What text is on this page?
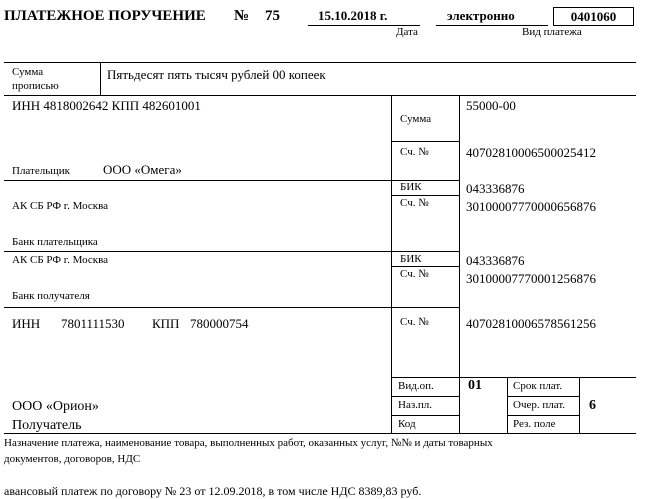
ПЛАТЕЖНОЕ ПОРУЧЕНИЕ № 75	15.10.2018 г.
Дата
электронно
Вид платежа
0401060
Сумма
прописью
Пятьдесят пять тысяч рублей 00 копеек
ИНН 4818002642 КПП 482601001
Плательщик	ООО «Омега»
Сумма
55000-00
Сч. №	40702810006500025412
АК СБ РФ г. Москва
Банк плательщика
БИК	043336876
Сч. №	30100007770000656876
АК СБ РФ г. Москва
Банк получателя
БИК	043336876
Сч. №	30100007770001256876
ИНН 7801111530 КПП 780000754	Сч. №	40702810006578561256
ООО «Орион»
Получатель
Вид.оп. 01
Наз.пл.
Код
Срок плат.
Очер. плат. 6
Рез. поле
Назначение платежа, наименование товара, выполненных работ, оказанных услуг, №№ и даты товарных
документов, договоров, НДС
авансовый платеж по договору № 23 от 12.09.2018, в том числе НДС 8389,83 руб.
